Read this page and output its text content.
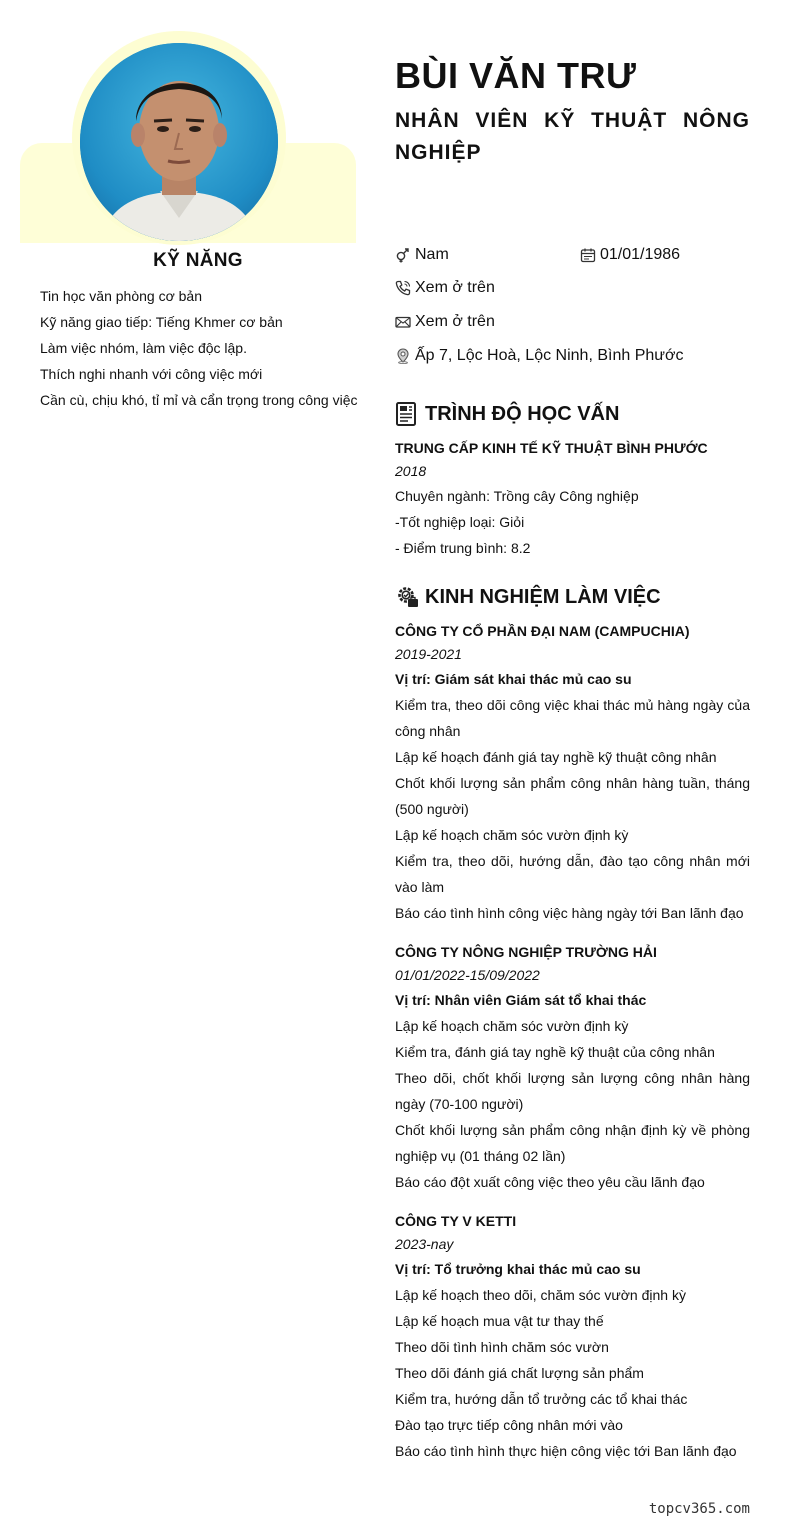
KỸ NĂNG
Tin học văn phòng cơ bản
Kỹ năng giao tiếp: Tiếng Khmer cơ bản
Làm việc nhóm, làm việc độc lập.
Thích nghi nhanh với công việc mới
Cần cù, chịu khó, tỉ mỉ và cẩn trọng trong công việc
BÙI VĂN TRƯ
NHÂN VIÊN KỸ THUẬT NÔNG NGHIỆP
Nam	01/01/1986
Xem ở trên
Xem ở trên
Ấp 7, Lộc Hoà, Lộc Ninh, Bình Phước
TRÌNH ĐỘ HỌC VẤN
TRUNG CẤP KINH TẾ KỸ THUẬT BÌNH PHƯỚC
2018
Chuyên ngành: Trồng cây Công nghiệp
-Tốt nghiệp loại: Giỏi
- Điểm trung bình: 8.2
KINH NGHIỆM LÀM VIỆC
CÔNG TY CỔ PHẦN ĐẠI NAM (CAMPUCHIA)
2019-2021
Vị trí: Giám sát khai thác mủ cao su
Kiểm tra, theo dõi công việc khai thác mủ hàng ngày của công nhân
Lập kế hoạch đánh giá tay nghề kỹ thuật công nhân
Chốt khối lượng sản phẩm công nhân hàng tuần, tháng (500 người)
Lập kế hoạch chăm sóc vườn định kỳ
Kiểm tra, theo dõi, hướng dẫn, đào tạo công nhân mới vào làm
Báo cáo tình hình công việc hàng ngày tới Ban lãnh đạo
CÔNG TY NÔNG NGHIỆP TRƯỜNG HẢI
01/01/2022-15/09/2022
Vị trí: Nhân viên Giám sát tổ khai thác
Lập kế hoạch chăm sóc vườn định kỳ
Kiểm tra, đánh giá tay nghề kỹ thuật của công nhân
Theo dõi, chốt khối lượng sản lượng công nhân hàng ngày (70-100 người)
Chốt khối lượng sản phẩm công nhận định kỳ về phòng nghiệp vụ (01 tháng 02 lần)
Báo cáo đột xuất công việc theo yêu cầu lãnh đạo
CÔNG TY V KETTI
2023-nay
Vị trí: Tổ trưởng khai thác mủ cao su
Lập kế hoạch theo dõi, chăm sóc vườn định kỳ
Lập kế hoạch mua vật tư thay thế
Theo dõi tình hình chăm sóc vườn
Theo dõi đánh giá chất lượng sản phẩm
Kiểm tra, hướng dẫn tổ trưởng các tổ khai thác
Đào tạo trực tiếp công nhân mới vào
Báo cáo tình hình thực hiện công việc tới Ban lãnh đạo
topcv365.com
